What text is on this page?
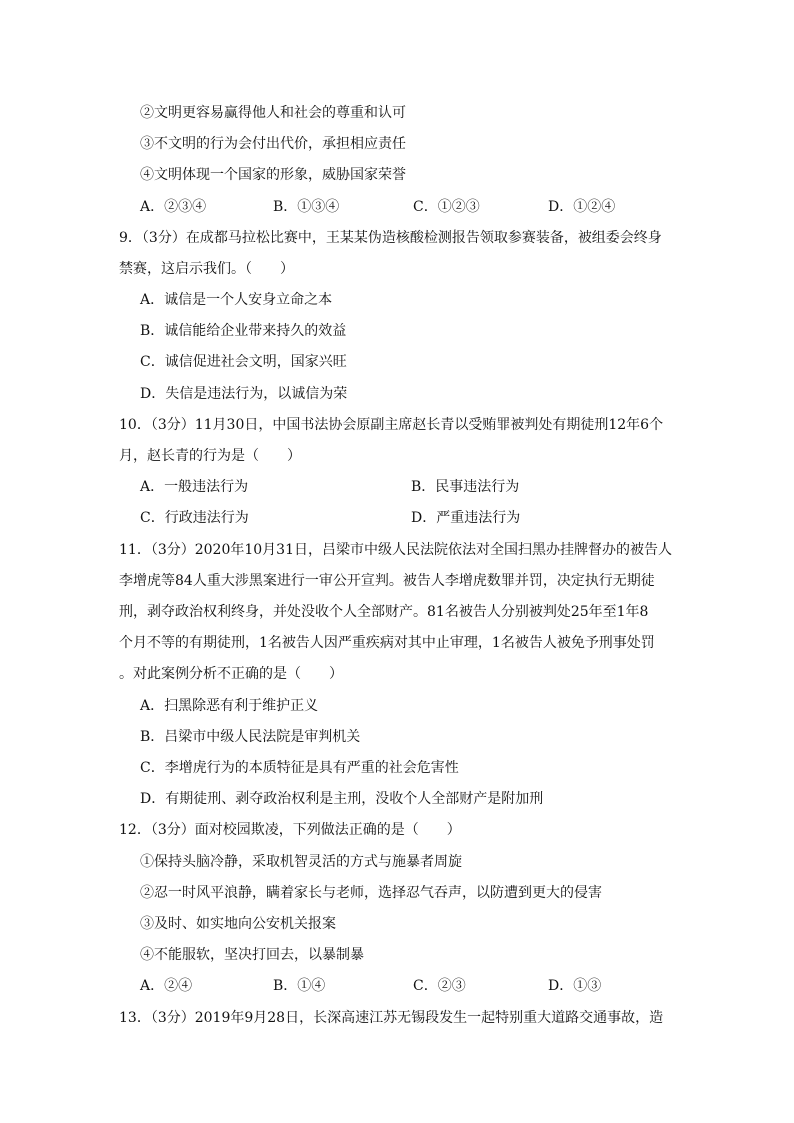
②文明更容易赢得他人和社会的尊重和认可
③不文明的行为会付出代价，承担相应责任
④文明体现一个国家的形象，威胁国家荣誉
A．②③④	B．①③④	C．①②③	D．①②④
9．（3分）在成都马拉松比赛中，王某某伪造核酸检测报告领取参赛装备，被组委会终身
禁赛，这启示我们。（　　）
A．诚信是一个人安身立命之本
B．诚信能给企业带来持久的效益
C．诚信促进社会文明，国家兴旺
D．失信是违法行为，以诚信为荣
10．（3分）11月30日，中国书法协会原副主席赵长青以受贿罪被判处有期徒刑12年6个
月，赵长青的行为是（　　）
A．一般违法行为	B．民事违法行为
C．行政违法行为	D．严重违法行为
11．（3分）2020年10月31日，吕梁市中级人民法院依法对全国扫黑办挂牌督办的被告人
李增虎等84人重大涉黑案进行一审公开宣判。被告人李增虎数罪并罚，决定执行无期徒
刑，剥夺政治权利终身，并处没收个人全部财产。81名被告人分别被判处25年至1年8
个月不等的有期徒刑，1名被告人因严重疾病对其中止审理，1名被告人被免予刑事处罚
。对此案例分析不正确的是（　　）
A．扫黑除恶有利于维护正义
B．吕梁市中级人民法院是审判机关
C．李增虎行为的本质特征是具有严重的社会危害性
D．有期徒刑、剥夺政治权利是主刑，没收个人全部财产是附加刑
12．（3分）面对校园欺凌，下列做法正确的是（　　）
①保持头脑冷静，采取机智灵活的方式与施暴者周旋
②忍一时风平浪静，瞒着家长与老师，选择忍气吞声，以防遭到更大的侵害
③及时、如实地向公安机关报案
④不能服软，坚决打回去，以暴制暴
A．②④	B．①④	C．②③	D．①③
13．（3分）2019年9月28日，长深高速江苏无锡段发生一起特别重大道路交通事故，造
